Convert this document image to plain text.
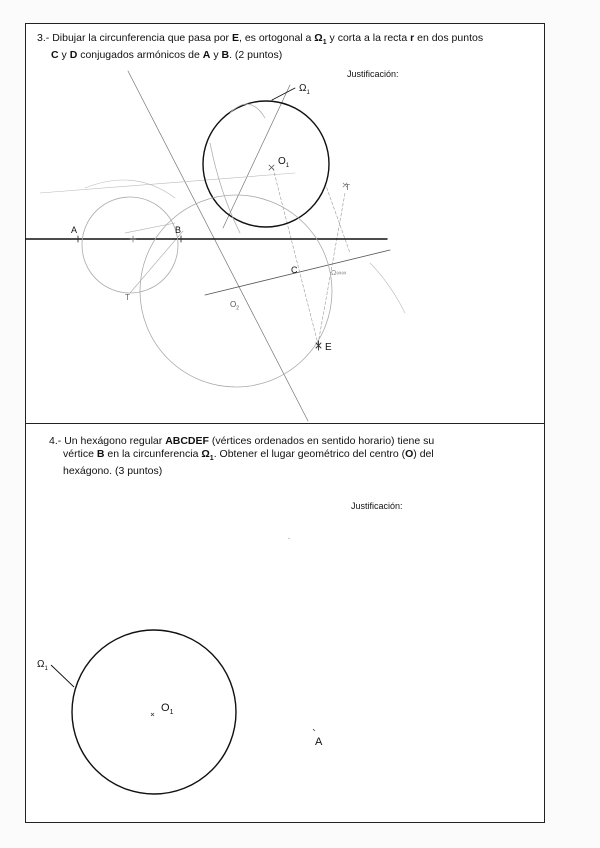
3.- Dibujar la circunferencia que pasa por E, es ortogonal a $\Omega_1$ y corta a la recta r en dos puntos
C y D conjugados armónicos de A y B. (2 puntos)
Justificación:
4.- Un hexágono regular ABCDEF (vértices ordenados en sentido horario) tiene su
vértice B en la circunferencia $\Omega_1$. Obtener el lugar geométrico del centro (O) del
hexágono. (3 puntos)
Justificación:
$\Omega_1$
$O_1$
A	B
C
E
T
T
$O_2$
Ω∞∞
$\Omega_1$
$O_1$
A
